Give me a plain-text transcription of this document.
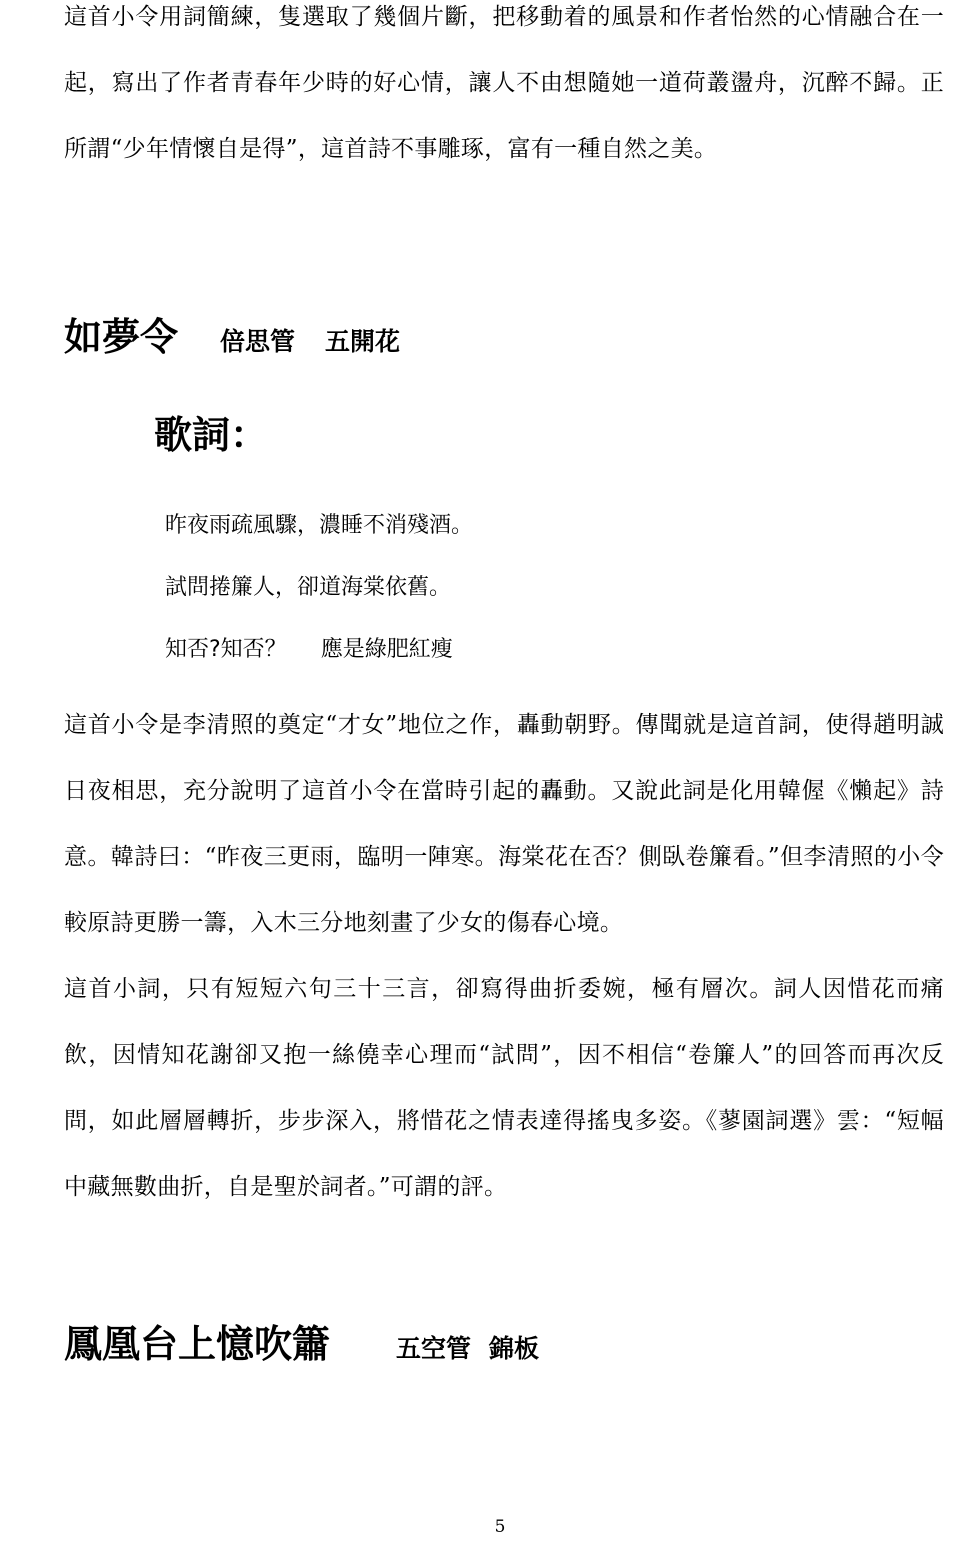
這首小令用詞簡練，隻選取了幾個片斷，把移動着的風景和作者怡然的心情融合在一起，寫出了作者青春年少時的好心情，讓人不由想隨她一道荷叢盪舟，沉醉不歸。正所謂“少年情懷自是得”，這首詩不事雕琢，富有一種自然之美。

如夢令 倍思管 五開花
歌詞：

昨夜雨疏風驟，濃睡不消殘酒。

試問捲簾人，卻道海棠依舊。

知否?知否？ 應是綠肥紅瘦

這首小令是李清照的奠定“才女”地位之作，轟動朝野。傳聞就是這首詞，使得趙明誠日夜相思，充分說明了這首小令在當時引起的轟動。又說此詞是化用韓偓《懶起》詩意。韓詩曰：“昨夜三更雨，臨明一陣寒。海棠花在否？側臥卷簾看。”但李清照的小令較原詩更勝一籌，入木三分地刻畫了少女的傷春心境。

這首小詞，只有短短六句三十三言，卻寫得曲折委婉，極有層次。詞人因惜花而痛飲，因情知花謝卻又抱一絲僥幸心理而“試問”，因不相信“卷簾人”的回答而再次反問，如此層層轉折，步步深入，將惜花之情表達得搖曳多姿。《蓼園詞選》雲：“短幅中藏無數曲折，自是聖於詞者。”可謂的評。

鳳凰台上憶吹簫	五空管 錦板

5
